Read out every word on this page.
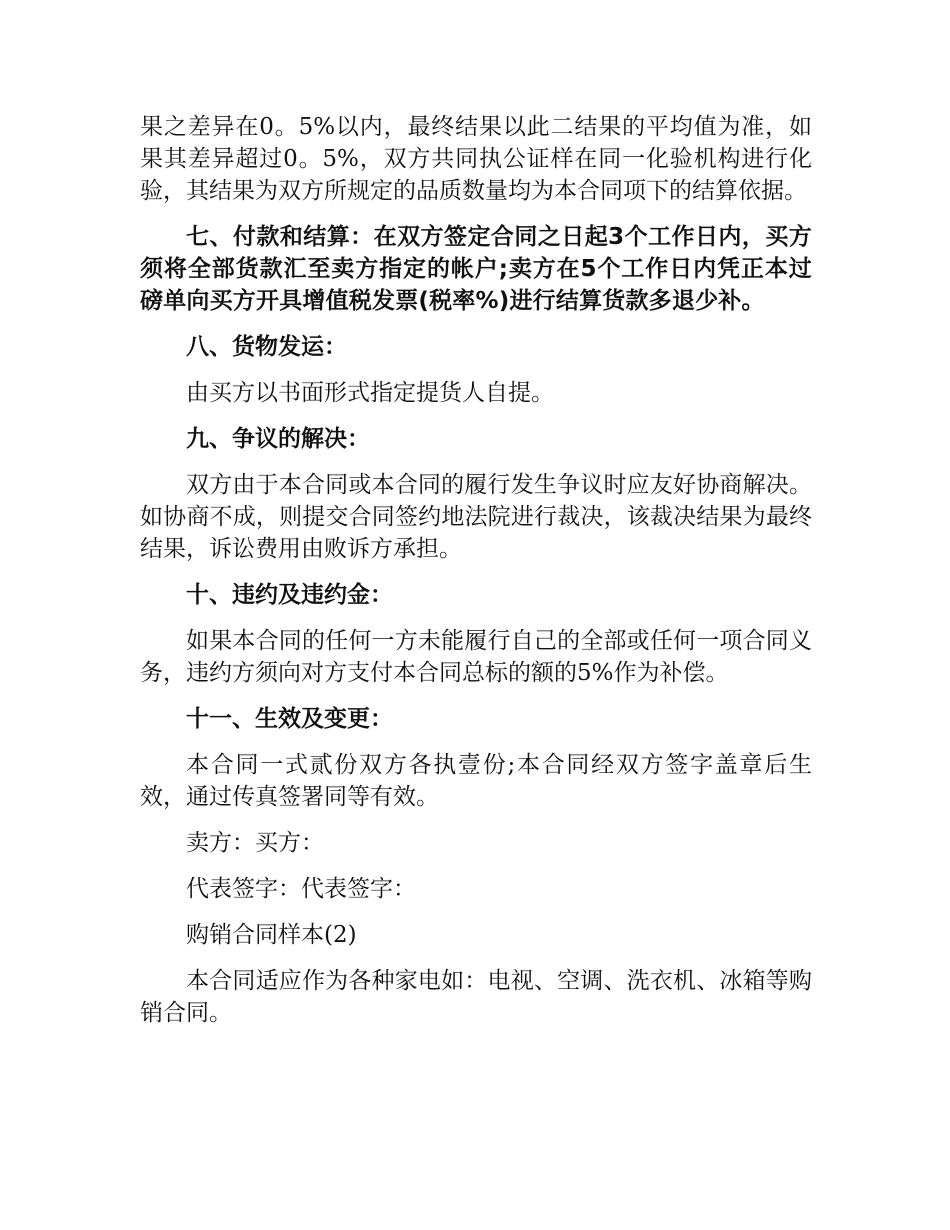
果之差异在0。5%以内，最终结果以此二结果的平均值为准，如果其差异超过0。5%，双方共同执公证样在同一化验机构进行化验，其结果为双方所规定的品质数量均为本合同项下的结算依据。

七、付款和结算：在双方签定合同之日起3个工作日内，买方须将全部货款汇至卖方指定的帐户;卖方在5个工作日内凭正本过磅单向买方开具增值税发票(税率%)进行结算货款多退少补。

八、货物发运：

由买方以书面形式指定提货人自提。

九、争议的解决：

双方由于本合同或本合同的履行发生争议时应友好协商解决。如协商不成，则提交合同签约地法院进行裁决，该裁决结果为最终结果，诉讼费用由败诉方承担。

十、违约及违约金：

如果本合同的任何一方未能履行自己的全部或任何一项合同义务，违约方须向对方支付本合同总标的额的5%作为补偿。

十一、生效及变更：

本合同一式贰份双方各执壹份;本合同经双方签字盖章后生效，通过传真签署同等有效。

卖方：买方：

代表签字：代表签字：

购销合同样本(2)

本合同适应作为各种家电如：电视、空调、洗衣机、冰箱等购销合同。
